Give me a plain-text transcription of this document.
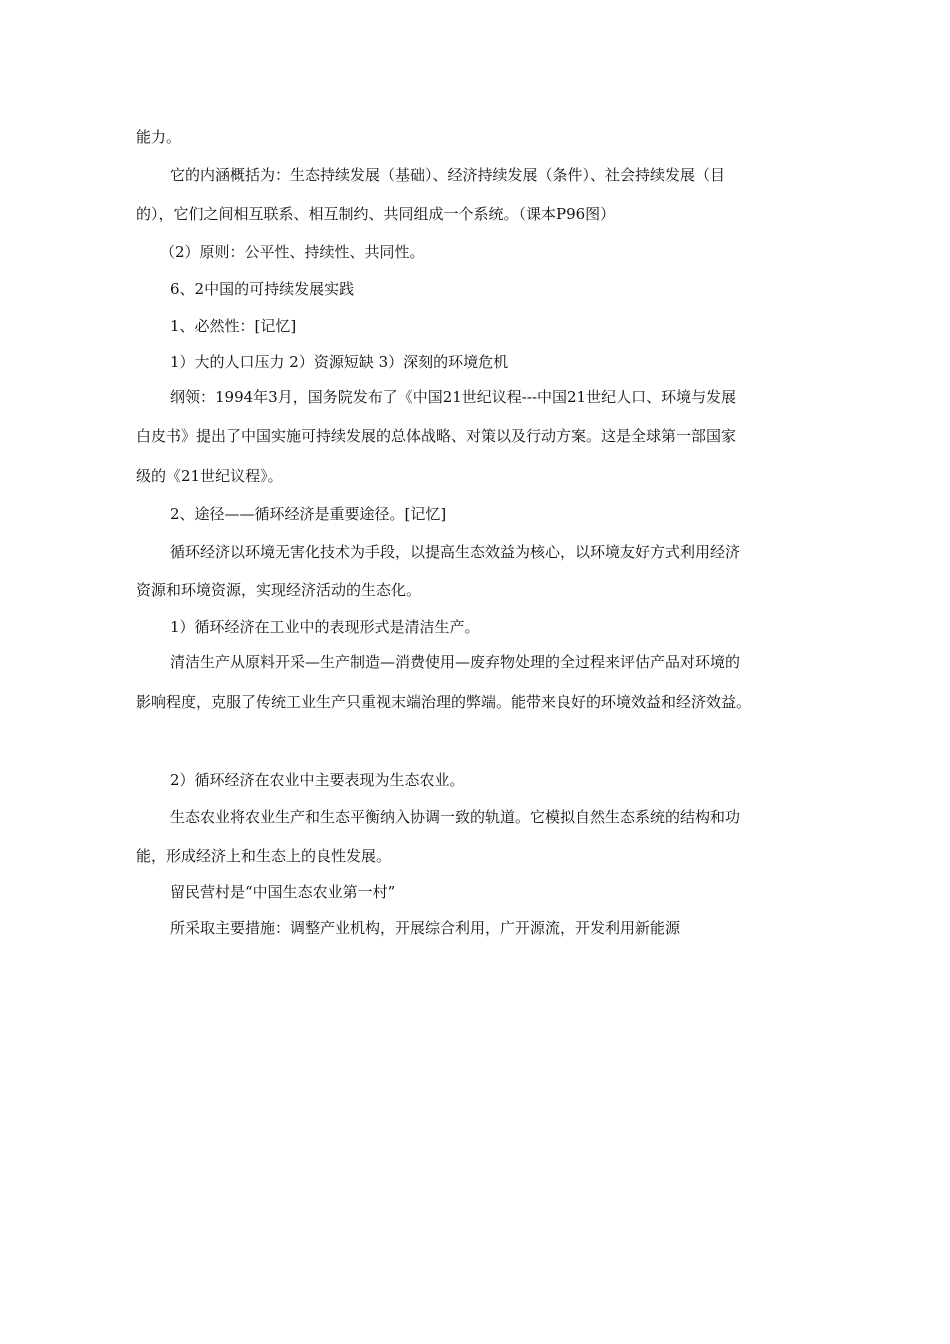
能力。
它的内涵概括为：生态持续发展（基础）、经济持续发展（条件）、社会持续发展（目
的），它们之间相互联系、相互制约、共同组成一个系统。（课本P96图）
（2）原则：公平性、持续性、共同性。
6、2中国的可持续发展实践
1、必然性：[记忆]
1）大的人口压力 2）资源短缺 3）深刻的环境危机
纲领：1994年3月，国务院发布了《中国21世纪议程---中国21世纪人口、环境与发展
白皮书》提出了中国实施可持续发展的总体战略、对策以及行动方案。这是全球第一部国家
级的《21世纪议程》。
2、途径——循环经济是重要途径。[记忆]
循环经济以环境无害化技术为手段，以提高生态效益为核心，以环境友好方式利用经济
资源和环境资源，实现经济活动的生态化。
1）循环经济在工业中的表现形式是清洁生产。
清洁生产从原料开采—生产制造—消费使用—废弃物处理的全过程来评估产品对环境的
影响程度，克服了传统工业生产只重视末端治理的弊端。能带来良好的环境效益和经济效益。
2）循环经济在农业中主要表现为生态农业。
生态农业将农业生产和生态平衡纳入协调一致的轨道。它模拟自然生态系统的结构和功
能，形成经济上和生态上的良性发展。
留民营村是“中国生态农业第一村”
所采取主要措施：调整产业机构，开展综合利用，广开源流，开发利用新能源
